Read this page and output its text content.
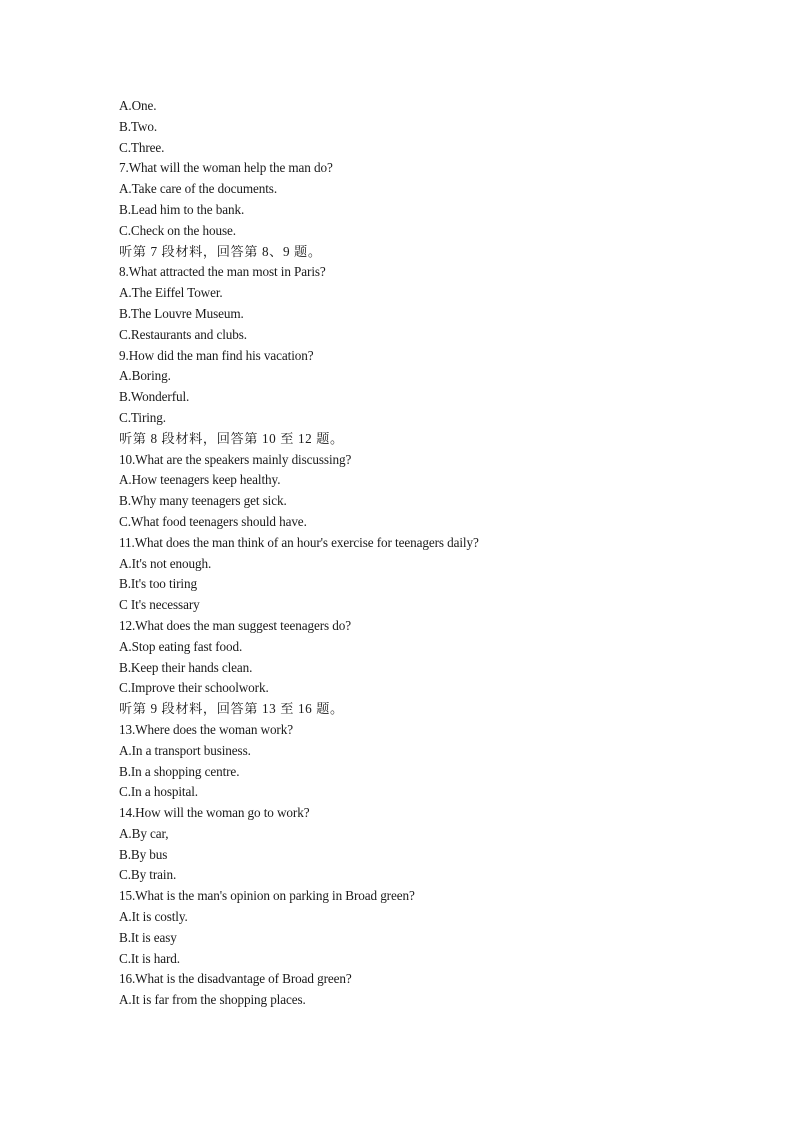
A.One.
B.Two.
C.Three.
7.What will the woman help the man do?
A.Take care of the documents.
B.Lead him to the bank.
C.Check on the house.
听第 7 段材料，回答第 8、9 题。
8.What attracted the man most in Paris?
A.The Eiffel Tower.
B.The Louvre Museum.
C.Restaurants and clubs.
9.How did the man find his vacation?
A.Boring.
B.Wonderful.
C.Tiring.
听第 8 段材料，回答第 10 至 12 题。
10.What are the speakers mainly discussing?
A.How teenagers keep healthy.
B.Why many teenagers get sick.
C.What food teenagers should have.
11.What does the man think of an hour's exercise for teenagers daily?
A.It's not enough.
B.It's too tiring
C It's necessary
12.What does the man suggest teenagers do?
A.Stop eating fast food.
B.Keep their hands clean.
C.Improve their schoolwork.
听第 9 段材料，回答第 13 至 16 题。
13.Where does the woman work?
A.In a transport business.
B.In a shopping centre.
C.In a hospital.
14.How will the woman go to work?
A.By car,
B.By bus
C.By train.
15.What is the man's opinion on parking in Broad green?
A.It is costly.
B.It is easy
C.It is hard.
16.What is the disadvantage of Broad green?
A.It is far from the shopping places.
